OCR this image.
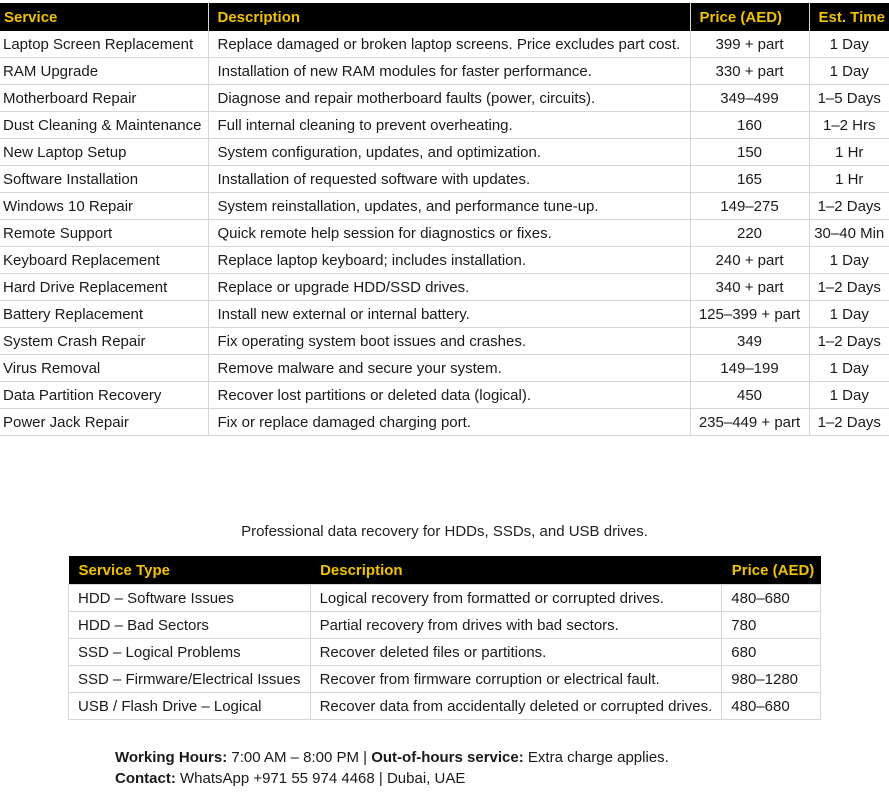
Service	Description	Price (AED)	Est. Time
Laptop Screen Replacement	Replace damaged or broken laptop screens. Price excludes part cost.	399 + part	1 Day
RAM Upgrade	Installation of new RAM modules for faster performance.	330 + part	1 Day
Motherboard Repair	Diagnose and repair motherboard faults (power, circuits).	349–499	1–5 Days
Dust Cleaning & Maintenance	Full internal cleaning to prevent overheating.	160	1–2 Hrs
New Laptop Setup	System configuration, updates, and optimization.	150	1 Hr
Software Installation	Installation of requested software with updates.	165	1 Hr
Windows 10 Repair	System reinstallation, updates, and performance tune-up.	149–275	1–2 Days
Remote Support	Quick remote help session for diagnostics or fixes.	220	30–40 Min
Keyboard Replacement	Replace laptop keyboard; includes installation.	240 + part	1 Day
Hard Drive Replacement	Replace or upgrade HDD/SSD drives.	340 + part	1–2 Days
Battery Replacement	Install new external or internal battery.	125–399 + part	1 Day
System Crash Repair	Fix operating system boot issues and crashes.	349	1–2 Days
Virus Removal	Remove malware and secure your system.	149–199	1 Day
Data Partition Recovery	Recover lost partitions or deleted data (logical).	450	1 Day
Power Jack Repair	Fix or replace damaged charging port.	235–449 + part	1–2 Days
Professional data recovery for HDDs, SSDs, and USB drives.
Service Type	Description	Price (AED)
HDD – Software Issues	Logical recovery from formatted or corrupted drives.	480–680
HDD – Bad Sectors	Partial recovery from drives with bad sectors.	780
SSD – Logical Problems	Recover deleted files or partitions.	680
SSD – Firmware/Electrical Issues	Recover from firmware corruption or electrical fault.	980–1280
USB / Flash Drive – Logical	Recover data from accidentally deleted or corrupted drives.	480–680
Working Hours: 7:00 AM – 8:00 PM | Out-of-hours service: Extra charge applies.
Contact: WhatsApp +971 55 974 4468 | Dubai, UAE
